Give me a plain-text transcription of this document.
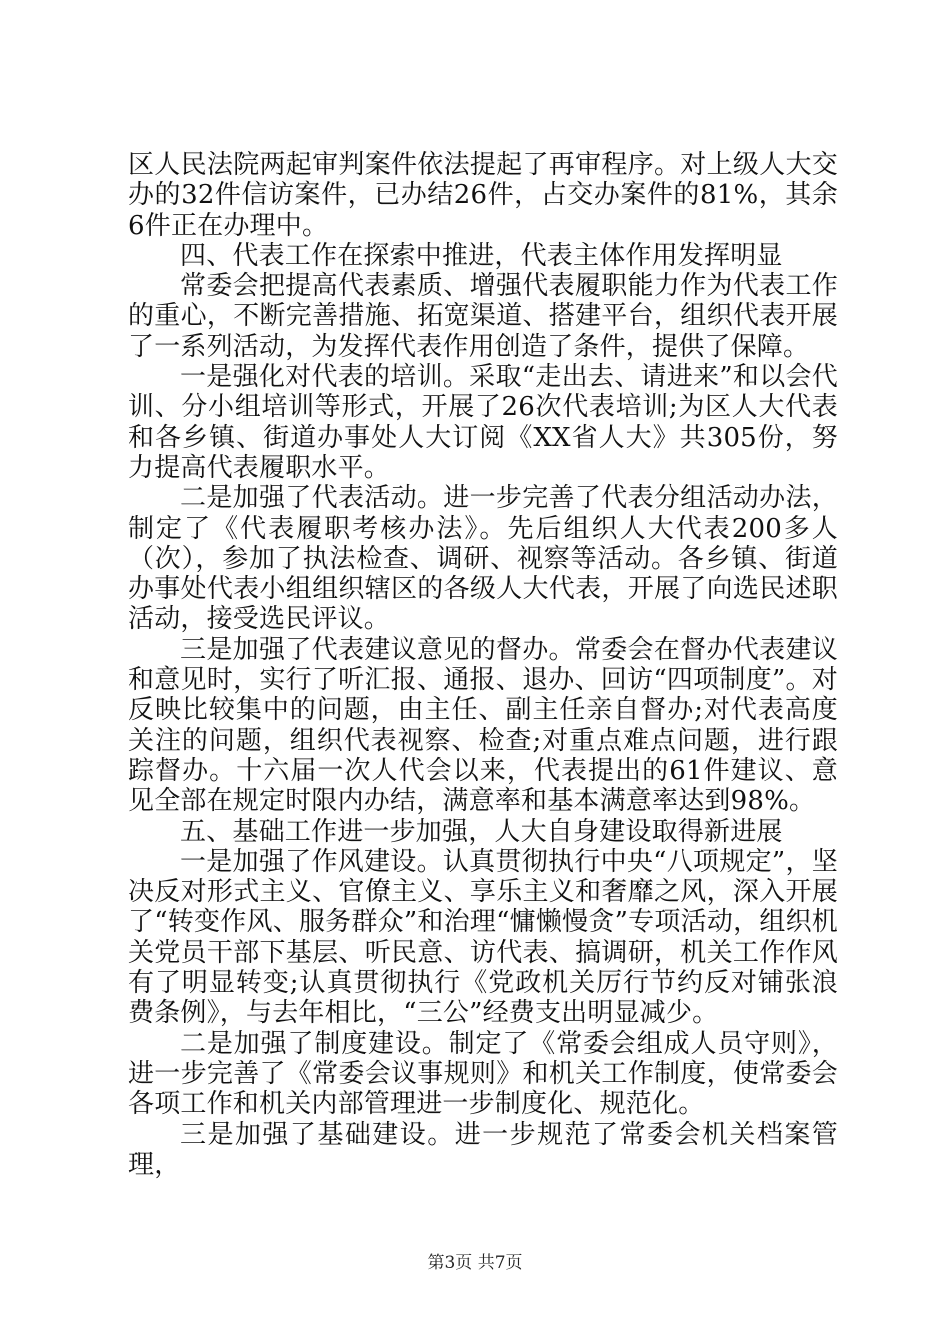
区人民法院两起审判案件依法提起了再审程序。对上级人大交办的32件信访案件，已办结26件，占交办案件的81%，其余6件正在办理中。

四、代表工作在探索中推进，代表主体作用发挥明显

常委会把提高代表素质、增强代表履职能力作为代表工作的重心，不断完善措施、拓宽渠道、搭建平台，组织代表开展了一系列活动，为发挥代表作用创造了条件，提供了保障。

一是强化对代表的培训。采取“走出去、请进来”和以会代训、分小组培训等形式，开展了26次代表培训;为区人大代表和各乡镇、街道办事处人大订阅《XX省人大》共305份，努力提高代表履职水平。

二是加强了代表活动。进一步完善了代表分组活动办法，制定了《代表履职考核办法》。先后组织人大代表200多人（次），参加了执法检查、调研、视察等活动。各乡镇、街道办事处代表小组组织辖区的各级人大代表，开展了向选民述职活动，接受选民评议。

三是加强了代表建议意见的督办。常委会在督办代表建议和意见时，实行了听汇报、通报、退办、回访“四项制度”。对反映比较集中的问题，由主任、副主任亲自督办;对代表高度关注的问题，组织代表视察、检查;对重点难点问题，进行跟踪督办。十六届一次人代会以来，代表提出的61件建议、意见全部在规定时限内办结，满意率和基本满意率达到98%。

五、基础工作进一步加强，人大自身建设取得新进展

一是加强了作风建设。认真贯彻执行中央“八项规定”，坚决反对形式主义、官僚主义、享乐主义和奢靡之风，深入开展了“转变作风、服务群众”和治理“慵懒慢贪”专项活动，组织机关党员干部下基层、听民意、访代表、搞调研，机关工作作风有了明显转变;认真贯彻执行《党政机关厉行节约反对铺张浪费条例》，与去年相比，“三公”经费支出明显减少。

二是加强了制度建设。制定了《常委会组成人员守则》，进一步完善了《常委会议事规则》和机关工作制度，使常委会各项工作和机关内部管理进一步制度化、规范化。

三是加强了基础建设。进一步规范了常委会机关档案管理，

第3页 共7页
